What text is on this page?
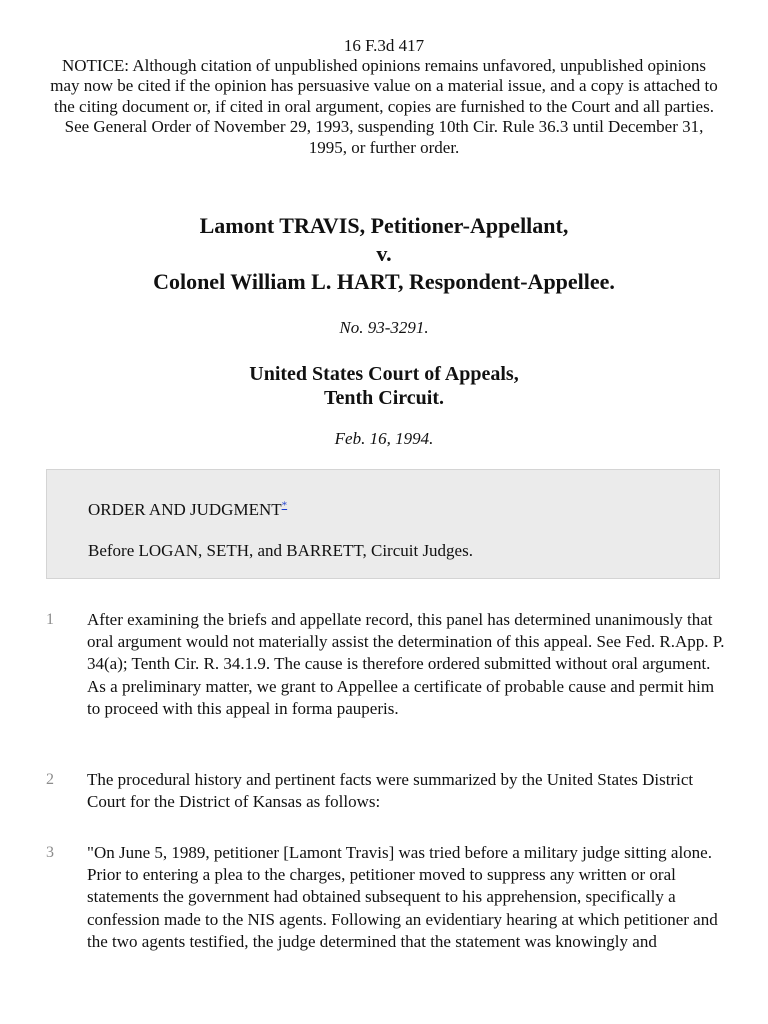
16 F.3d 417
NOTICE: Although citation of unpublished opinions remains unfavored, unpublished opinions may now be cited if the opinion has persuasive value on a material issue, and a copy is attached to the citing document or, if cited in oral argument, copies are furnished to the Court and all parties. See General Order of November 29, 1993, suspending 10th Cir. Rule 36.3 until December 31, 1995, or further order.
Lamont TRAVIS, Petitioner-Appellant,
v.
Colonel William L. HART, Respondent-Appellee.
No. 93-3291.
United States Court of Appeals,
Tenth Circuit.
Feb. 16, 1994.
ORDER AND JUDGMENT*
Before LOGAN, SETH, and BARRETT, Circuit Judges.
1 After examining the briefs and appellate record, this panel has determined unanimously that oral argument would not materially assist the determination of this appeal. See Fed. R.App. P. 34(a); Tenth Cir. R. 34.1.9. The cause is therefore ordered submitted without oral argument. As a preliminary matter, we grant to Appellee a certificate of probable cause and permit him to proceed with this appeal in forma pauperis.
2 The procedural history and pertinent facts were summarized by the United States District Court for the District of Kansas as follows:
3 "On June 5, 1989, petitioner [Lamont Travis] was tried before a military judge sitting alone. Prior to entering a plea to the charges, petitioner moved to suppress any written or oral statements the government had obtained subsequent to his apprehension, specifically a confession made to the NIS agents. Following an evidentiary hearing at which petitioner and the two agents testified, the judge determined that the statement was knowingly and
